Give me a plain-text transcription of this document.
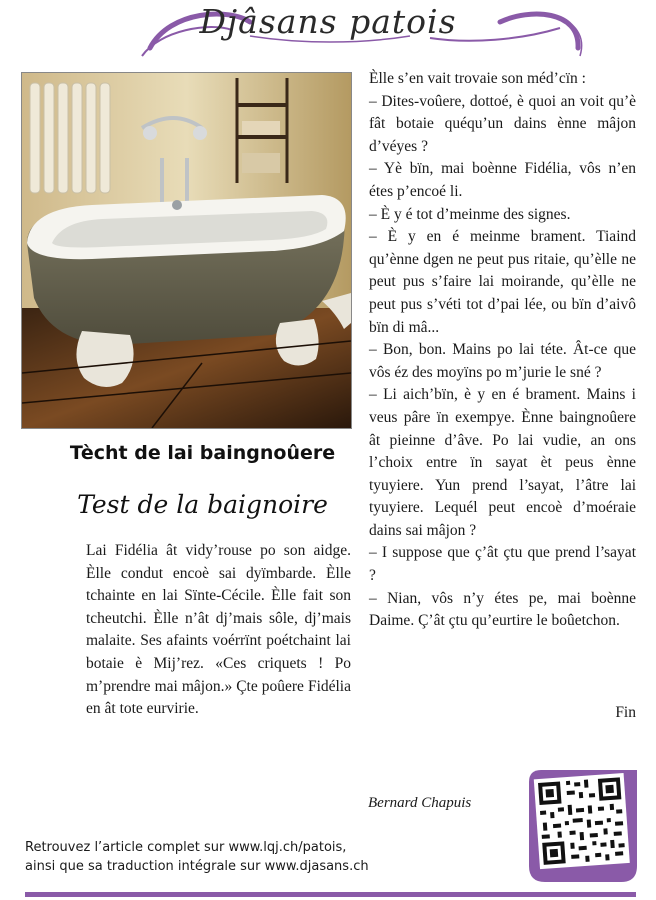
Djâsans patois
Tècht de lai baingnoûere
Test de la baignoire

Lai Fidélia ât vidy’rouse po son aidge. Èlle condut encoè sai dyïmbarde. Èlle tchainte en lai Sïnte-Cécile. Èlle fait son tcheutchi. Èlle n’ât dj’mais sôle, dj’mais malaite. Ses afaints voérrïnt poétchaint lai botaie è Mij’rez. «Ces criquets ! Po m’prendre mai mâjon.» Çte poûere Fidélia en ât tote eurvirie.

Èlle s’en vait trovaie son méd’cïn :

– Dites-voûere, dottoé, è quoi an voit qu’è fât botaie quéqu’un dains ènne mâjon d’véyes ?

– Yè bïn, mai boènne Fidélia, vôs n’en étes p’encoé li.

– È y é tot d’meinme des signes.

– È y en é meinme brament. Tiaind qu’ènne dgen ne peut pus ritaie, qu’èlle ne peut pus s’faire lai moirande, qu’èlle ne peut pus s’véti tot d’pai lée, ou bïn d’aivô bïn di mâ...

– Bon, bon. Mains po lai téte. Ât-ce que vôs éz des moyïns po m’jurie le sné ?

– Li aich’bïn, è y en é brament. Mains i veus pâre ïn exempye. Ènne baingnoûere ât pieinne d’âve. Po lai vudie, an ons l’choix entre ïn sayat èt peus ènne tyuyiere. Yun prend l’sayat, l’âtre lai tyuyiere. Lequél peut encoè d’moéraie dains sai mâjon ?

– I suppose que ç’ât çtu que prend l’sayat ?

– Nian, vôs n’y étes pe, mai boènne Daime. Ç’ât çtu qu’eurtire le boûetchon.

Fin
Bernard Chapuis
Retrouvez l’article complet sur www.lqj.ch/patois,
ainsi que sa traduction intégrale sur www.djasans.ch
